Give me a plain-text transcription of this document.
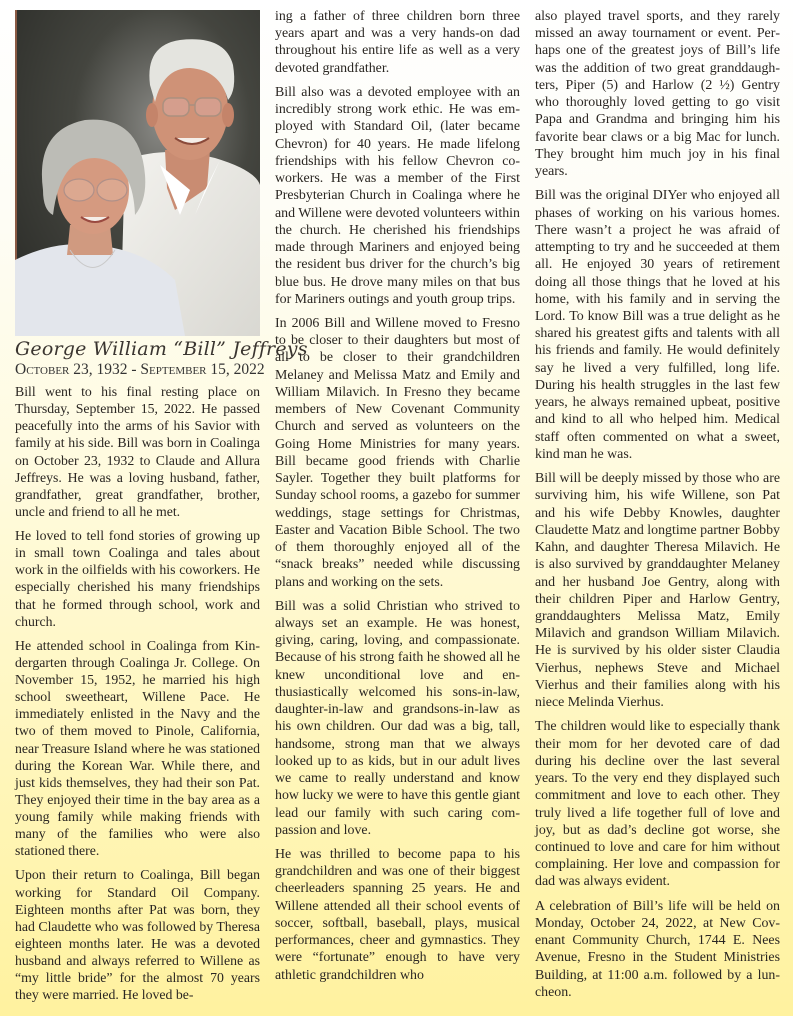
George William “Bill” Jeffreys
October 23, 1932 - September 15, 2022

Bill went to his final resting place on Thursday, September 15, 2022. He passed peacefully into the arms of his Savior with family at his side. Bill was born in Coalinga on October 23, 1932 to Claude and Allura Jeffreys. He was a loving husband, father, grandfather, great grandfather, brother, uncle and friend to all he met.

He loved to tell fond stories of growing up in small town Coalinga and tales about work in the oilfields with his coworkers. He especially cherished his many friendships that he formed through school, work and church.

He attended school in Coalinga from Kindergarten through Coalinga Jr. College. On November 15, 1952, he married his high school sweetheart, Willene Pace. He immediately enlisted in the Navy and the two of them moved to Pinole, California, near Treasure Island where he was stationed during the Korean War. While there, and just kids themselves, they had their son Pat. They enjoyed their time in the bay area as a young family while making friends with many of the families who were also stationed there.

Upon their return to Coalinga, Bill began working for Standard Oil Company. Eighteen months after Pat was born, they had Claudette who was followed by Theresa eighteen months later. He was a devoted husband and always referred to Willene as “my little bride” for the almost 70 years they were married. He loved be-

ing a father of three children born three years apart and was a very hands-on dad throughout his entire life as well as a very devoted grandfather.

Bill also was a devoted employee with an incredibly strong work ethic. He was employed with Standard Oil, (later became Chevron) for 40 years. He made lifelong friendships with his fellow Chevron coworkers. He was a member of the First Presbyterian Church in Coalinga where he and Willene were devoted volunteers within the church. He cherished his friendships made through Mariners and enjoyed being the resident bus driver for the church’s big blue bus. He drove many miles on that bus for Mariners outings and youth group trips.

In 2006 Bill and Willene moved to Fresno to be closer to their daughters but most of all to be closer to their grandchildren Melaney and Melissa Matz and Emily and William Milavich. In Fresno they became members of New Covenant Community Church and served as volunteers on the Going Home Ministries for many years. Bill became good friends with Charlie Sayler. Together they built platforms for Sunday school rooms, a gazebo for summer weddings, stage settings for Christmas, Easter and Vacation Bible School. The two of them thoroughly enjoyed all of the “snack breaks” needed while discussing plans and working on the sets.

Bill was a solid Christian who strived to always set an example. He was honest, giving, caring, loving, and compassionate. Because of his strong faith he showed all he knew unconditional love and enthusiastically welcomed his sons-in-law, daughter-in-law and grandsons-in-law as his own children. Our dad was a big, tall, handsome, strong man that we always looked up to as kids, but in our adult lives we came to really understand and know how lucky we were to have this gentle giant lead our family with such caring compassion and love.

He was thrilled to become papa to his grandchildren and was one of their biggest cheerleaders spanning 25 years. He and Willene attended all their school events of soccer, softball, baseball, plays, musical performances, cheer and gymnastics. They were “fortunate” enough to have very athletic grandchildren who

also played travel sports, and they rarely missed an away tournament or event. Perhaps one of the greatest joys of Bill’s life was the addition of two great granddaughters, Piper (5) and Harlow (2 ½) Gentry who thoroughly loved getting to go visit Papa and Grandma and bringing him his favorite bear claws or a big Mac for lunch. They brought him much joy in his final years.

Bill was the original DIYer who enjoyed all phases of working on his various homes. There wasn’t a project he was afraid of attempting to try and he succeeded at them all. He enjoyed 30 years of retirement doing all those things that he loved at his home, with his family and in serving the Lord. To know Bill was a true delight as he shared his greatest gifts and talents with all his friends and family. He would definitely say he lived a very fulfilled, long life. During his health struggles in the last few years, he always remained upbeat, positive and kind to all who helped him. Medical staff often commented on what a sweet, kind man he was.

Bill will be deeply missed by those who are surviving him, his wife Willene, son Pat and his wife Debby Knowles, daughter Claudette Matz and longtime partner Bobby Kahn, and daughter Theresa Milavich. He is also survived by granddaughter Melaney and her husband Joe Gentry, along with their children Piper and Harlow Gentry, granddaughters Melissa Matz, Emily Milavich and grandson William Milavich. He is survived by his older sister Claudia Vierhus, nephews Steve and Michael Vierhus and their families along with his niece Melinda Vierhus.

The children would like to especially thank their mom for her devoted care of dad during his decline over the last several years. To the very end they displayed such commitment and love to each other. They truly lived a life together full of love and joy, but as dad’s decline got worse, she continued to love and care for him without complaining. Her love and compassion for dad was always evident.

A celebration of Bill’s life will be held on Monday, October 24, 2022, at New Covenant Community Church, 1744 E. Nees Avenue, Fresno in the Student Ministries Building, at 11:00 a.m. followed by a luncheon.
